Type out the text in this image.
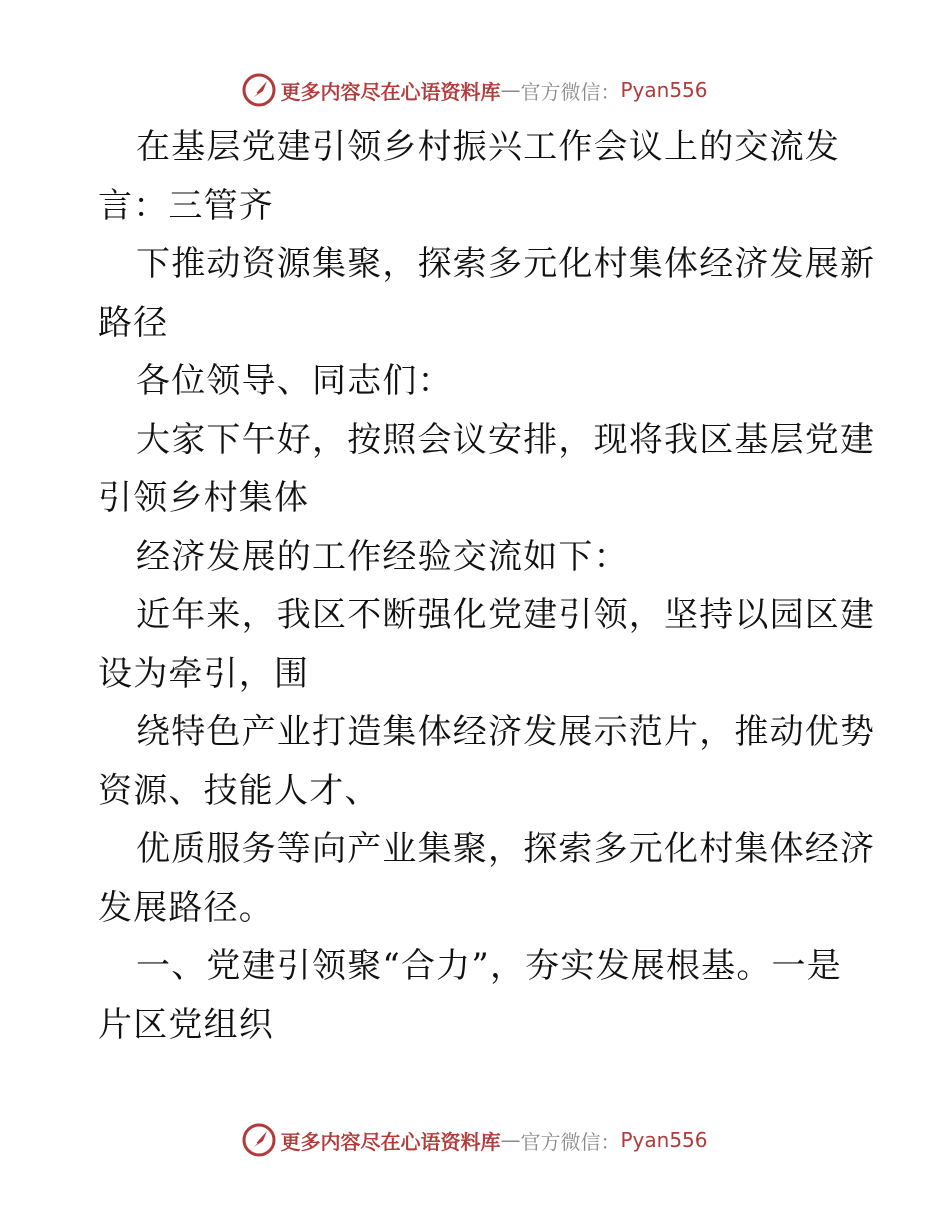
更多内容尽在心语资料库 — 官方微信： Pyan556
在基层党建引领乡村振兴工作会议上的交流发
言：三管齐
下推动资源集聚，探索多元化村集体经济发展新
路径
各位领导、同志们：
大家下午好，按照会议安排，现将我区基层党建
引领乡村集体
经济发展的工作经验交流如下：
近年来，我区不断强化党建引领，坚持以园区建
设为牵引，围
绕特色产业打造集体经济发展示范片，推动优势
资源、技能人才、
优质服务等向产业集聚，探索多元化村集体经济
发展路径。
一、党建引领聚“合力”，夯实发展根基。一是
片区党组织
更多内容尽在心语资料库 — 官方微信： Pyan556
